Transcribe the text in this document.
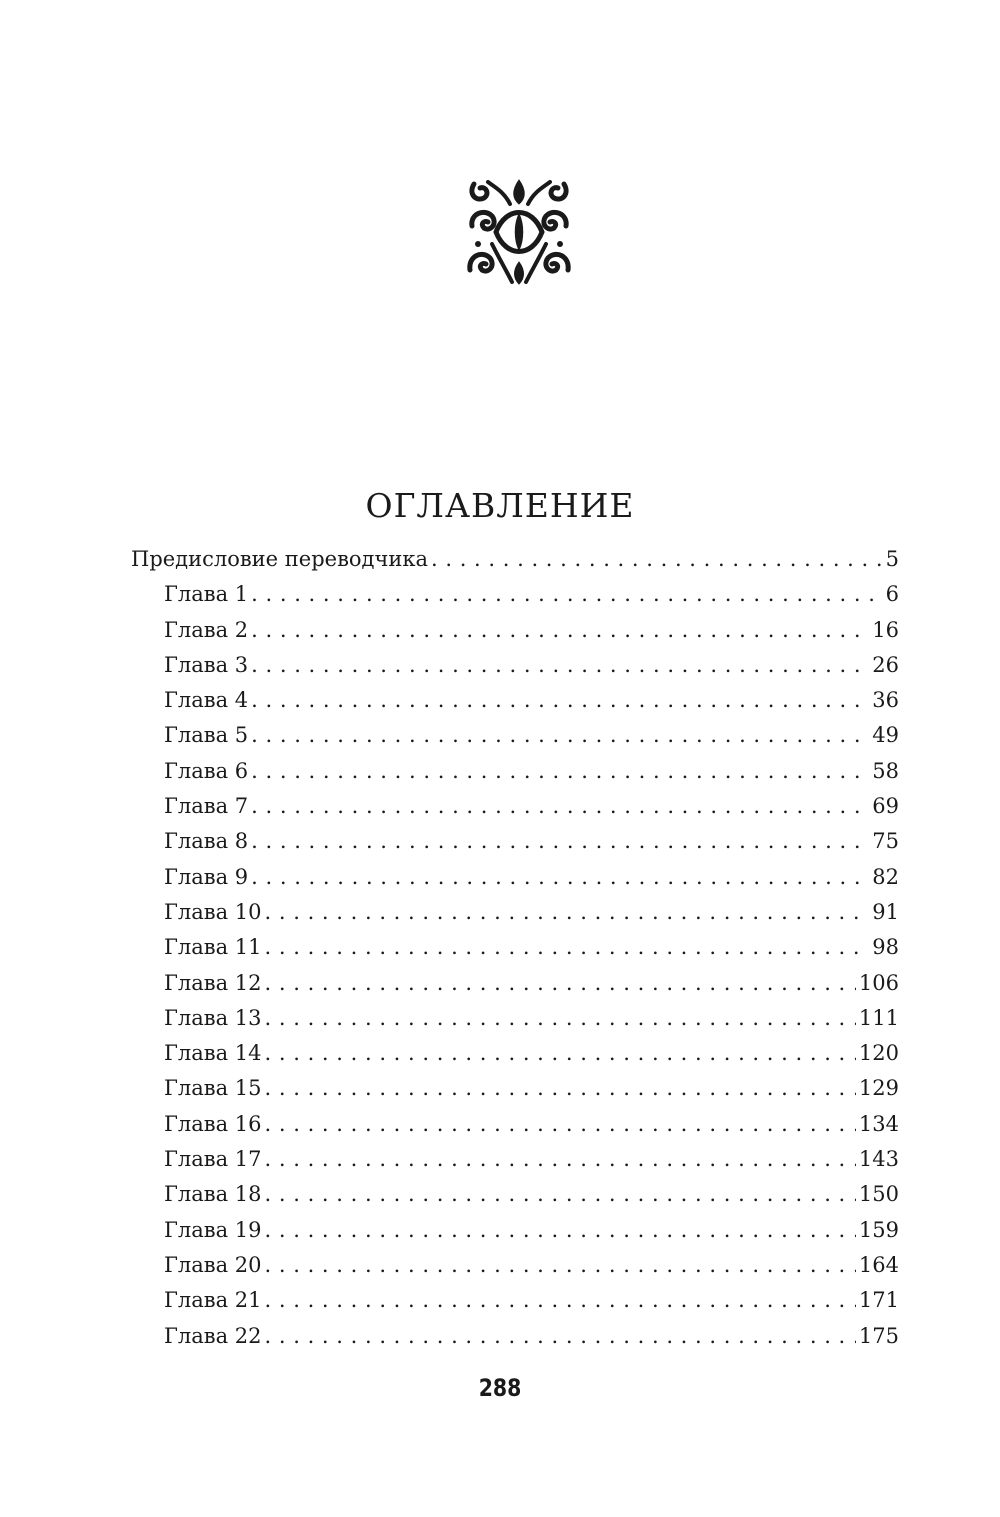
ОГЛАВЛЕНИЕ
Предисловие переводчика . . .	5
Глава 1 . . .	6
Глава 2 . . .	16
Глава 3 . . .	26
Глава 4 . . .	36
Глава 5 . . .	49
Глава 6 . . .	58
Глава 7 . . .	69
Глава 8 . . .	75
Глава 9 . . .	82
Глава 10 . . .	91
Глава 11 . . .	98
Глава 12 . . .	106
Глава 13 . . .	111
Глава 14 . . .	120
Глава 15 . . .	129
Глава 16 . . .	134
Глава 17 . . .	143
Глава 18 . . .	150
Глава 19 . . .	159
Глава 20 . . .	164
Глава 21 . . .	171
Глава 22 . . .	175
288
